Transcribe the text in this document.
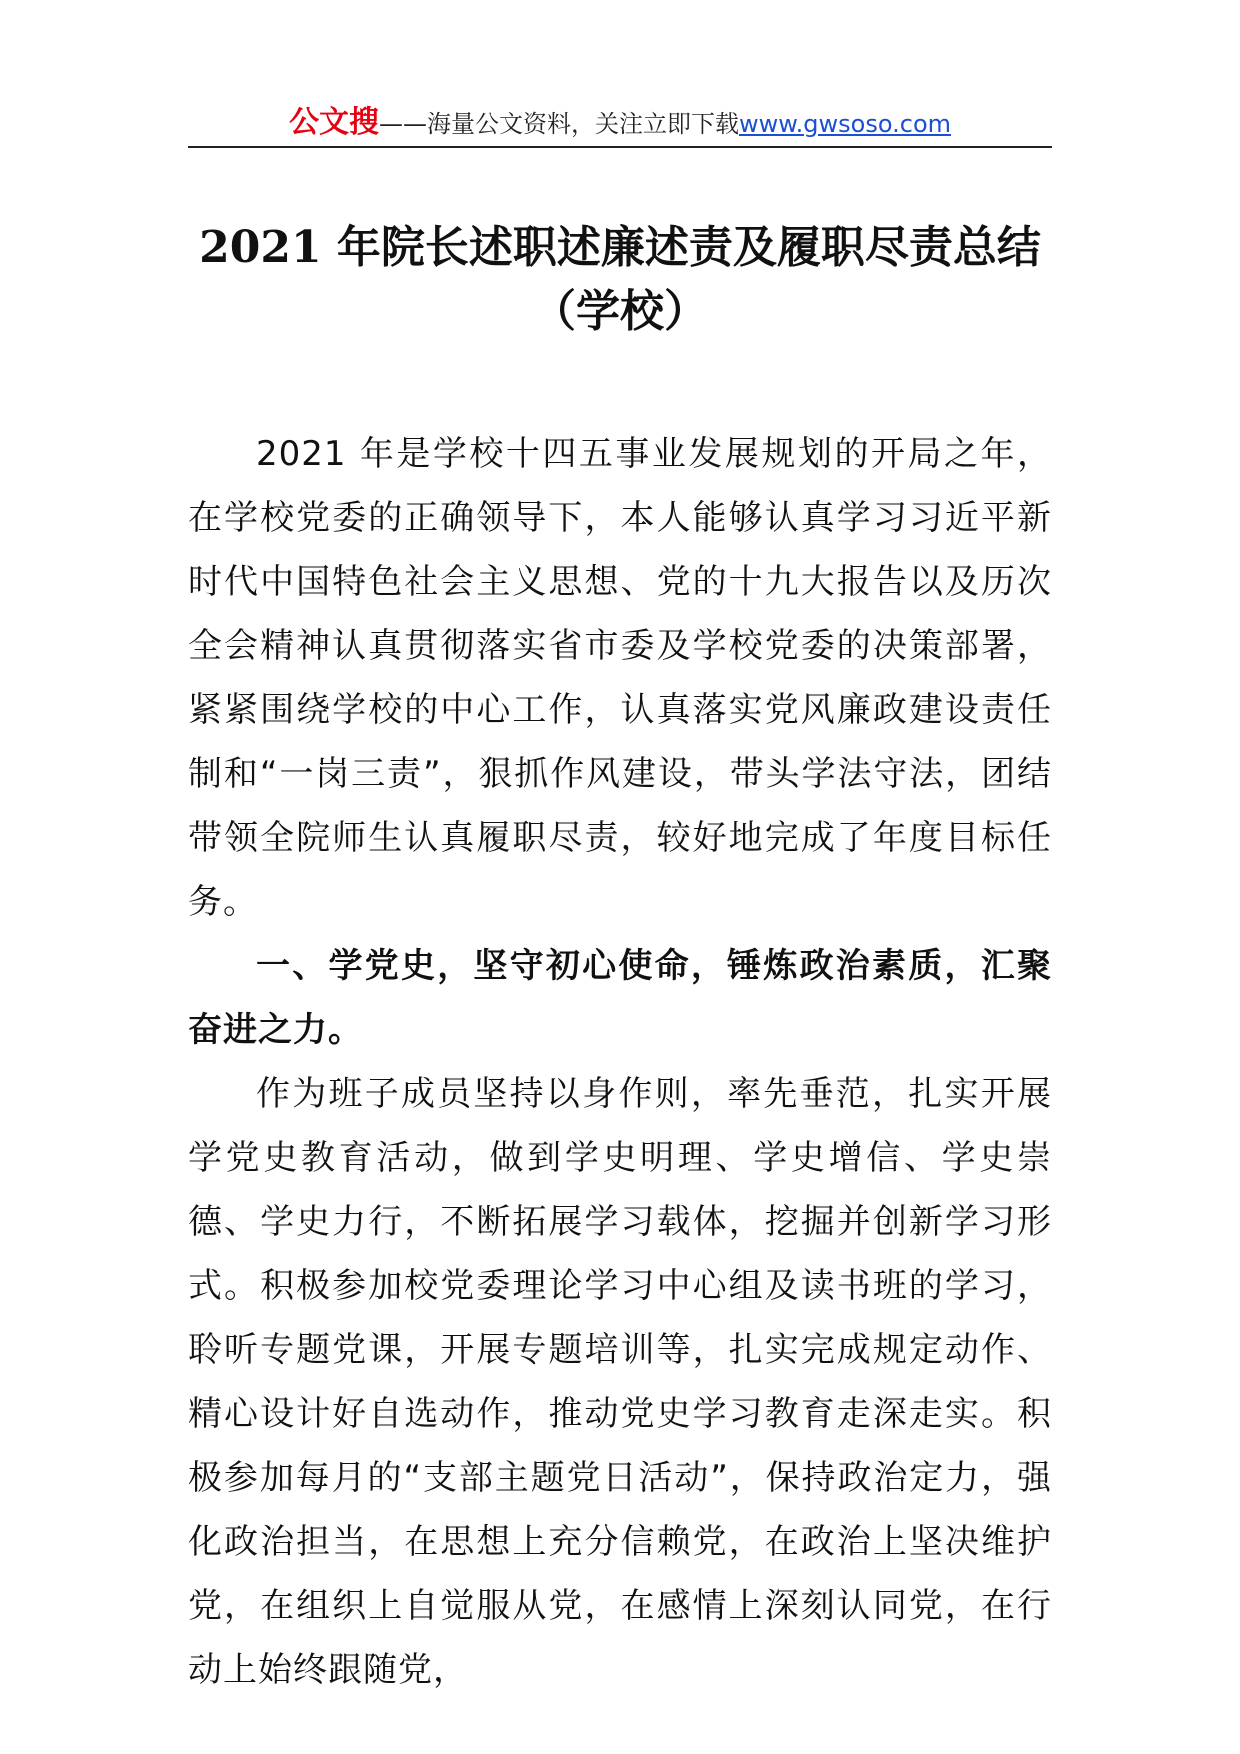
公文搜——海量公文资料，关注立即下载www.gwsoso.com
2021 年院长述职述廉述责及履职尽责总结
（学校）

2021 年是学校十四五事业发展规划的开局之年，在学校党委的正确领导下，本人能够认真学习习近平新时代中国特色社会主义思想、党的十九大报告以及历次全会精神认真贯彻落实省市委及学校党委的决策部署，紧紧围绕学校的中心工作，认真落实党风廉政建设责任制和“一岗三责”，狠抓作风建设，带头学法守法，团结带领全院师生认真履职尽责，较好地完成了年度目标任务。

一、学党史，坚守初心使命，锤炼政治素质，汇聚奋进之力。

作为班子成员坚持以身作则，率先垂范，扎实开展学党史教育活动，做到学史明理、学史增信、学史崇德、学史力行，不断拓展学习载体，挖掘并创新学习形式。积极参加校党委理论学习中心组及读书班的学习，聆听专题党课，开展专题培训等，扎实完成规定动作、精心设计好自选动作，推动党史学习教育走深走实。积极参加每月的“支部主题党日活动”，保持政治定力，强化政治担当，在思想上充分信赖党，在政治上坚决维护党，在组织上自觉服从党，在感情上深刻认同党，在行动上始终跟随党，
